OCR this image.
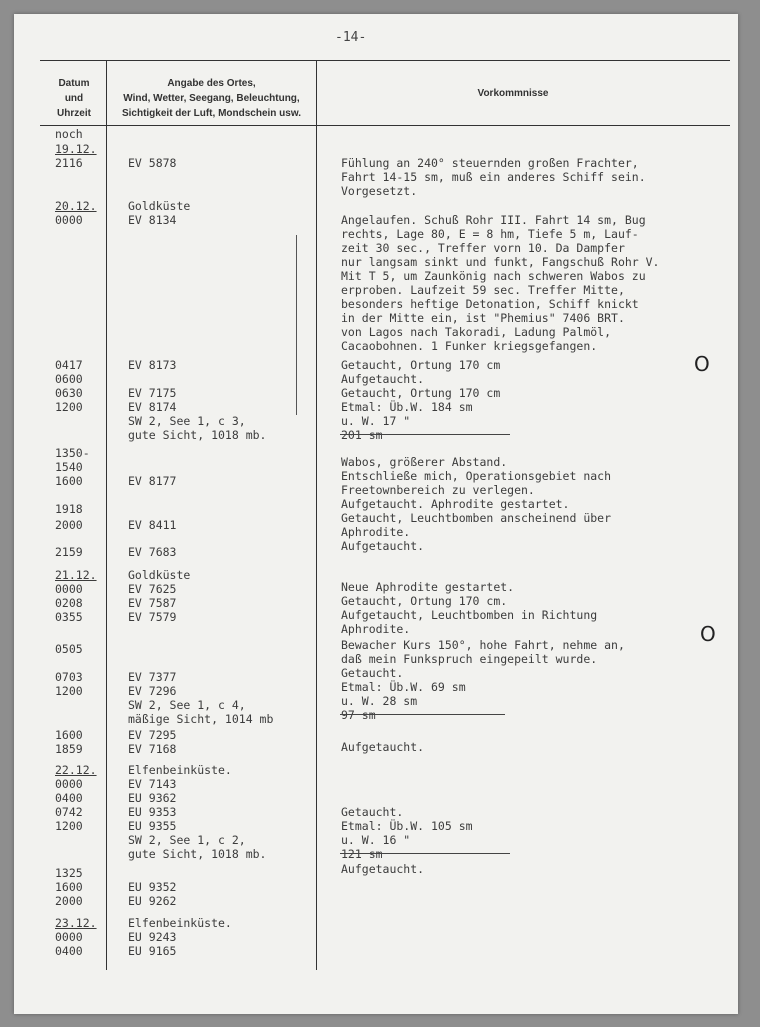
-14-
Datum
und
Uhrzeit
Angabe des Ortes,
Wind, Wetter, Seegang, Beleuchtung,
Sichtigkeit der Luft, Mondschein usw.
Vorkommnisse
noch
19.12.
2116
20.12.
0000
0417
0600
0630
1200
1350-
1540
1600
1918
2000
2159
21.12.
0000
0208
0355
0505
0703
1200
1600
1859
22.12.
0000
0400
0742
1200
1325
1600
2000
23.12.
0000
0400
EV 5878
Goldküste
EV 8134
EV 8173
EV 7175
EV 8174
SW 2, See 1, c 3,
gute Sicht, 1018 mb.
EV 8177
EV 8411
EV 7683
Goldküste
EV 7625
EV 7587
EV 7579
EV 7377
EV 7296
SW 2, See 1, c 4,
mäßige Sicht, 1014 mb
EV 7295
EV 7168
Elfenbeinküste.
EV 7143
EU 9362
EU 9353
EU 9355
SW 2, See 1, c 2,
gute Sicht, 1018 mb.
EU 9352
EU 9262
Elfenbeinküste.
EU 9243
EU 9165
Fühlung an 240° steuernden großen Frachter,
Fahrt 14-15 sm, muß ein anderes Schiff sein.
Vorgesetzt.
Angelaufen. Schuß Rohr III. Fahrt 14 sm, Bug
rechts, Lage 80, E = 8 hm, Tiefe 5 m, Lauf-
zeit 30 sec., Treffer vorn 10. Da Dampfer
nur langsam sinkt und funkt, Fangschuß Rohr V.
Mit T 5, um Zaunkönig nach schweren Wabos zu
erproben. Laufzeit 59 sec. Treffer Mitte,
besonders heftige Detonation, Schiff knickt
in der Mitte ein, ist "Phemius" 7406 BRT.
von Lagos nach Takoradi, Ladung Palmöl,
Cacaobohnen. 1 Funker kriegsgefangen.
Getaucht, Ortung 170 cm
Aufgetaucht.
Getaucht, Ortung 170 cm
Etmal: Üb.W. 184 sm
u. W. 17 "
201 sm
Wabos, größerer Abstand.
Entschließe mich, Operationsgebiet nach
Freetownbereich zu verlegen.
Aufgetaucht. Aphrodite gestartet.
Getaucht, Leuchtbomben anscheinend über
Aphrodite.
Aufgetaucht.
Neue Aphrodite gestartet.
Getaucht, Ortung 170 cm.
Aufgetaucht, Leuchtbomben in Richtung
Aphrodite.
Bewacher Kurs 150°, hohe Fahrt, nehme an,
daß mein Funkspruch eingepeilt wurde.
Getaucht.
Etmal: Üb.W. 69 sm
u. W. 28 sm
97 sm
Aufgetaucht.
Getaucht.
Etmal: Üb.W. 105 sm
u. W. 16 "
121 sm
Aufgetaucht.
O
O
